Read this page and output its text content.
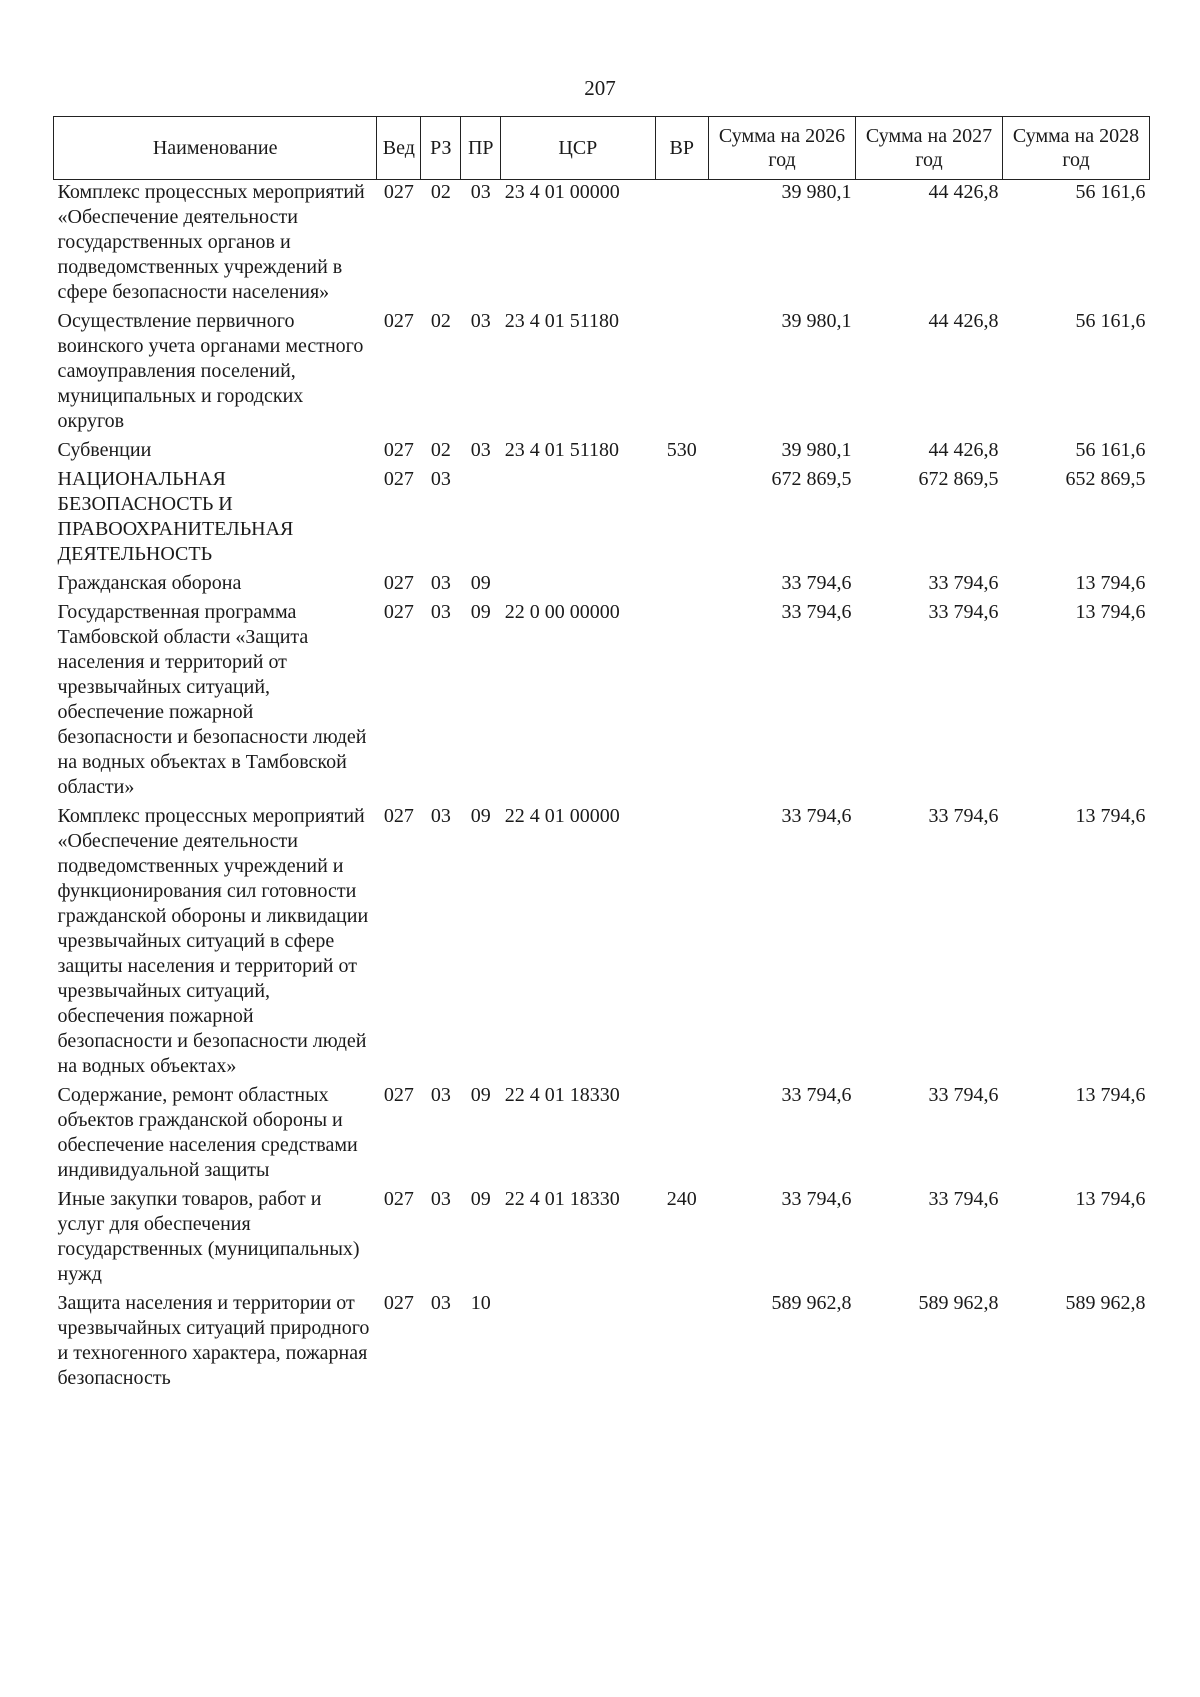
207
Наименование	Вед	РЗ	ПР	ЦСР	ВР	Сумма на 2026 год	Сумма на 2027 год	Сумма на 2028 год
Комплекс процессных мероприятий «Обеспечение деятельности государственных органов и подведомственных учреждений в сфере безопасности населения»	027	02	03	23 4 01 00000		39 980,1	44 426,8	56 161,6
Осуществление первичного воинского учета органами местного самоуправления поселений, муниципальных и городских округов	027	02	03	23 4 01 51180		39 980,1	44 426,8	56 161,6
Субвенции	027	02	03	23 4 01 51180	530	39 980,1	44 426,8	56 161,6
НАЦИОНАЛЬНАЯ БЕЗОПАСНОСТЬ И ПРАВООХРАНИТЕЛЬНАЯ ДЕЯТЕЛЬНОСТЬ	027	03				672 869,5	672 869,5	652 869,5
Гражданская оборона	027	03	09			33 794,6	33 794,6	13 794,6
Государственная программа Тамбовской области «Защита населения и территорий от чрезвычайных ситуаций, обеспечение пожарной безопасности и безопасности людей на водных объектах в Тамбовской области»	027	03	09	22 0 00 00000		33 794,6	33 794,6	13 794,6
Комплекс процессных мероприятий «Обеспечение деятельности подведомственных учреждений и функционирования сил готовности гражданской обороны и ликвидации чрезвычайных ситуаций в сфере защиты населения и территорий от чрезвычайных ситуаций, обеспечения пожарной безопасности и безопасности людей на водных объектах»	027	03	09	22 4 01 00000		33 794,6	33 794,6	13 794,6
Содержание, ремонт областных объектов гражданской обороны и обеспечение населения средствами индивидуальной защиты	027	03	09	22 4 01 18330		33 794,6	33 794,6	13 794,6
Иные закупки товаров, работ и услуг для обеспечения государственных (муниципальных) нужд	027	03	09	22 4 01 18330	240	33 794,6	33 794,6	13 794,6
Защита населения и территории от чрезвычайных ситуаций природного и техногенного характера, пожарная безопасность	027	03	10			589 962,8	589 962,8	589 962,8
